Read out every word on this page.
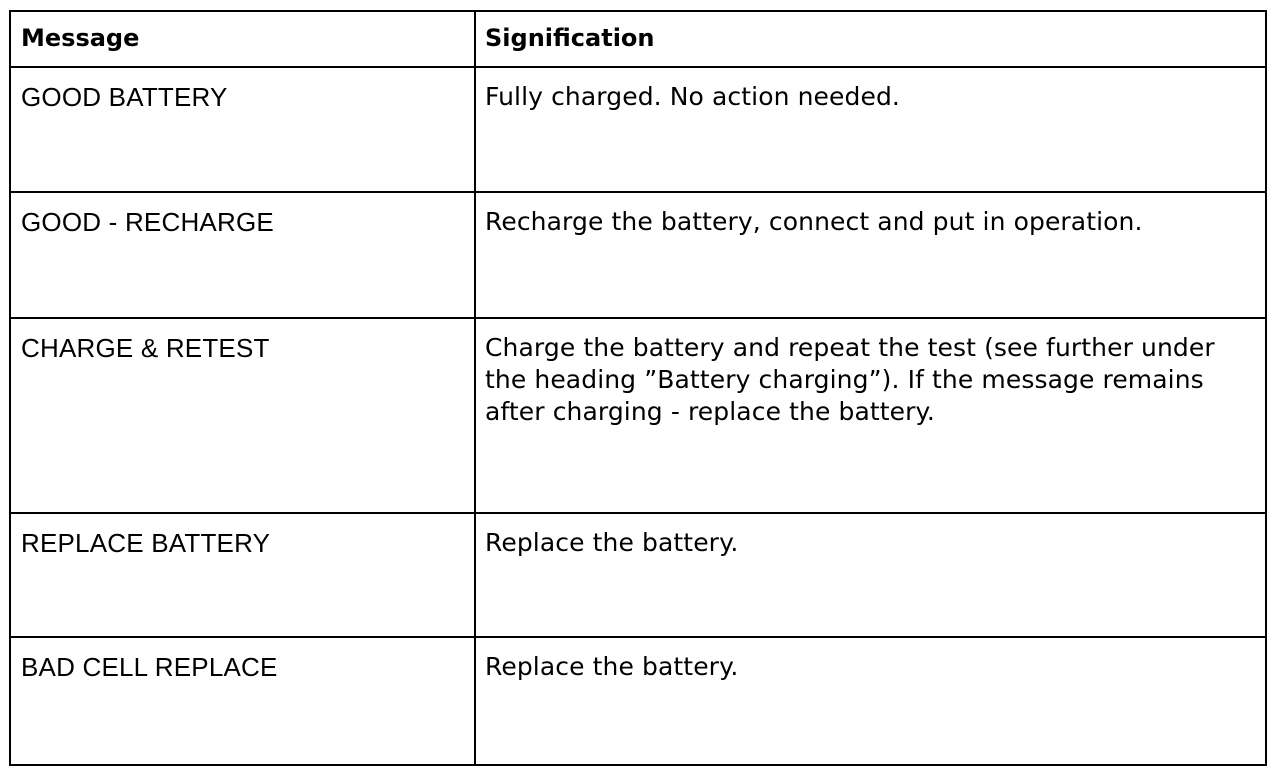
Message	Signification
GOOD BATTERY	Fully charged. No action needed.
GOOD - RECHARGE	Recharge the battery, connect and put in operation.
CHARGE & RETEST	Charge the battery and repeat the test (see further under the heading ”Battery charging”). If the message remains after charging - replace the battery.
REPLACE BATTERY	Replace the battery.
BAD CELL REPLACE	Replace the battery.
